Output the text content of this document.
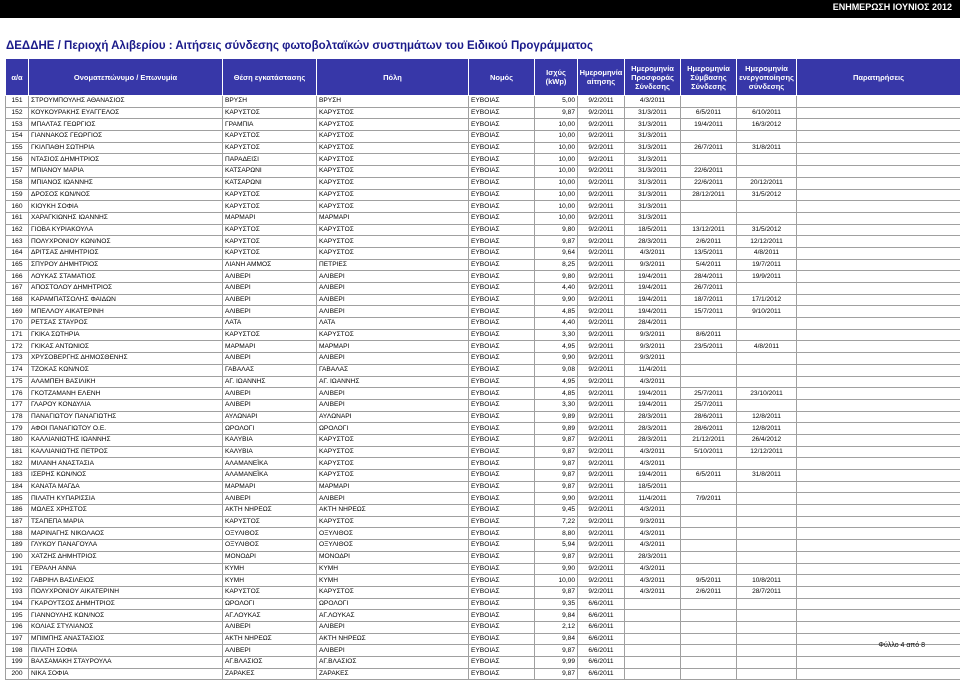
ΕΝΗΜΕΡΩΣΗ ΙΟΥΝΙΟΣ 2012
ΔΕΔΔΗΕ / Περιοχή Αλιβερίου : Αιτήσεις σύνδεσης φωτοβολταϊκών συστημάτων του Ειδικού Προγράμματος
α/α	Ονοματεπώνυμο / Επωνυμία	Θέση εγκατάστασης	Πόλη	Νομός	Ισχύς (kWp)	Ημερομηνία αίτησης	Ημερομηνία Προσφοράς Σύνδεσης	Ημερομηνία Σύμβασης Σύνδεσης	Ημερομηνία ενεργοποίησης σύνδεσης	Παρατηρήσεις
151	ΣΤΡΟΥΜΠΟΥΛΗΣ ΑΘΑΝΑΣΙΟΣ	ΒΡΥΣΗ	ΒΡΥΣΗ	ΕΥΒΟΙΑΣ	5,00	9/2/2011	4/3/2011			
152	ΚΟΥΚΟΥΡΑΚΗΣ ΕΥΑΓΓΕΛΟΣ	ΚΑΡΥΣΤΟΣ	ΚΑΡΥΣΤΟΣ	ΕΥΒΟΙΑΣ	9,87	9/2/2011	31/3/2011	6/5/2011	6/10/2011	
153	ΜΠΑΛΤΑΣ ΓΕΩΡΓΙΟΣ	ΓΡΑΜΠΙΑ	ΚΑΡΥΣΤΟΣ	ΕΥΒΟΙΑΣ	10,00	9/2/2011	31/3/2011	19/4/2011	16/3/2012	
154	ΓΙΑΝΝΑΚΟΣ ΓΕΩΡΓΙΟΣ	ΚΑΡΥΣΤΟΣ	ΚΑΡΥΣΤΟΣ	ΕΥΒΟΙΑΣ	10,00	9/2/2011	31/3/2011			
155	ΓΚΙΛΠΑΘΗ ΣΩΤΗΡΙΑ	ΚΑΡΥΣΤΟΣ	ΚΑΡΥΣΤΟΣ	ΕΥΒΟΙΑΣ	10,00	9/2/2011	31/3/2011	26/7/2011	31/8/2011	
156	ΝΤΑΣΙΟΣ ΔΗΜΗΤΡΙΟΣ	ΠΑΡΑΔΕΙΣΙ	ΚΑΡΥΣΤΟΣ	ΕΥΒΟΙΑΣ	10,00	9/2/2011	31/3/2011			
157	ΜΠΙΑΝΟΥ ΜΑΡΙΑ	ΚΑΤΣΑΡΩΝΙ	ΚΑΡΥΣΤΟΣ	ΕΥΒΟΙΑΣ	10,00	9/2/2011	31/3/2011	22/6/2011		
158	ΜΠΙΑΝΟΣ ΙΩΑΝΝΗΣ	ΚΑΤΣΑΡΩΝΙ	ΚΑΡΥΣΤΟΣ	ΕΥΒΟΙΑΣ	10,00	9/2/2011	31/3/2011	22/6/2011	20/12/2011	
159	ΔΡΟΣΟΣ ΚΩΝ/ΝΟΣ	ΚΑΡΥΣΤΟΣ	ΚΑΡΥΣΤΟΣ	ΕΥΒΟΙΑΣ	10,00	9/2/2011	31/3/2011	28/12/2011	31/5/2012	
160	ΚΙΟΥΚΗ ΣΟΦΙΑ	ΚΑΡΥΣΤΟΣ	ΚΑΡΥΣΤΟΣ	ΕΥΒΟΙΑΣ	10,00	9/2/2011	31/3/2011			
161	ΧΑΡΑΓΚΙΩΝΗΣ ΙΩΑΝΝΗΣ	ΜΑΡΜΑΡΙ	ΜΑΡΜΑΡΙ	ΕΥΒΟΙΑΣ	10,00	9/2/2011	31/3/2011			
162	ΓΙΟΒΑ ΚΥΡΙΑΚΟΥΛΑ	ΚΑΡΥΣΤΟΣ	ΚΑΡΥΣΤΟΣ	ΕΥΒΟΙΑΣ	9,80	9/2/2011	18/5/2011	13/12/2011	31/5/2012	
163	ΠΟΛΥΧΡΟΝΙΟΥ ΚΩΝ/ΝΟΣ	ΚΑΡΥΣΤΟΣ	ΚΑΡΥΣΤΟΣ	ΕΥΒΟΙΑΣ	9,87	9/2/2011	28/3/2011	2/6/2011	12/12/2011	
164	ΔΡΙΤΣΑΣ ΔΗΜΗΤΡΙΟΣ	ΚΑΡΥΣΤΟΣ	ΚΑΡΥΣΤΟΣ	ΕΥΒΟΙΑΣ	9,64	9/2/2011	4/3/2011	13/5/2011	4/8/2011	
165	ΣΠΥΡΟΥ ΔΗΜΗΤΡΙΟΣ	ΛΙΑΝΗ ΑΜΜΟΣ	ΠΕΤΡΙΕΣ	ΕΥΒΟΙΑΣ	8,25	9/2/2011	9/3/2011	5/4/2011	19/7/2011	
166	ΛΟΥΚΑΣ ΣΤΑΜΑΤΙΟΣ	ΑΛΙΒΕΡΙ	ΑΛΙΒΕΡΙ	ΕΥΒΟΙΑΣ	9,80	9/2/2011	19/4/2011	28/4/2011	19/9/2011	
167	ΑΠΟΣΤΟΛΟΥ ΔΗΜΗΤΡΙΟΣ	ΑΛΙΒΕΡΙ	ΑΛΙΒΕΡΙ	ΕΥΒΟΙΑΣ	4,40	9/2/2011	19/4/2011	26/7/2011		
168	ΚΑΡΑΜΠΑΤΣΟΛΗΣ ΦΑΙΔΩΝ	ΑΛΙΒΕΡΙ	ΑΛΙΒΕΡΙ	ΕΥΒΟΙΑΣ	9,90	9/2/2011	19/4/2011	18/7/2011	17/1/2012	
169	ΜΠΕΛΛΟΥ ΑΙΚΑΤΕΡΙΝΗ	ΑΛΙΒΕΡΙ	ΑΛΙΒΕΡΙ	ΕΥΒΟΙΑΣ	4,85	9/2/2011	19/4/2011	15/7/2011	9/10/2011	
170	ΡΕΤΣΑΣ ΣΤΑΥΡΟΣ	ΛΑΤΑ	ΛΑΤΑ	ΕΥΒΟΙΑΣ	4,40	9/2/2011	28/4/2011			
171	ΓΚΙΚΑ ΣΩΤΗΡΙΑ	ΚΑΡΥΣΤΟΣ	ΚΑΡΥΣΤΟΣ	ΕΥΒΟΙΑΣ	3,30	9/2/2011	9/3/2011	8/6/2011		
172	ΓΚΙΚΑΣ ΑΝΤΩΝΙΟΣ	ΜΑΡΜΑΡΙ	ΜΑΡΜΑΡΙ	ΕΥΒΟΙΑΣ	4,95	9/2/2011	9/3/2011	23/5/2011	4/8/2011	
173	ΧΡΥΣΟΒΕΡΓΗΣ ΔΗΜΟΣΘΕΝΗΣ	ΑΛΙΒΕΡΙ	ΑΛΙΒΕΡΙ	ΕΥΒΟΙΑΣ	9,90	9/2/2011	9/3/2011			
174	ΤΖΟΚΑΣ ΚΩΝ/ΝΟΣ	ΓΑΒΑΛΑΣ	ΓΑΒΑΛΑΣ	ΕΥΒΟΙΑΣ	9,08	9/2/2011	11/4/2011			
175	ΑΛΑΜΠΕΗ ΒΑΣΙΛΙΚΗ	ΑΓ. ΙΩΑΝΝΗΣ	ΑΓ. ΙΩΑΝΝΗΣ	ΕΥΒΟΙΑΣ	4,95	9/2/2011	4/3/2011			
176	ΓΚΟΤΖΑΜΑΝΗ ΕΛΕΝΗ	ΑΛΙΒΕΡΙ	ΑΛΙΒΕΡΙ	ΕΥΒΟΙΑΣ	4,85	9/2/2011	19/4/2011	25/7/2011	23/10/2011	
177	ΓΛΑΡΟΥ ΚΟΝΔΥΛΙΑ	ΑΛΙΒΕΡΙ	ΑΛΙΒΕΡΙ	ΕΥΒΟΙΑΣ	3,30	9/2/2011	19/4/2011	25/7/2011		
178	ΠΑΝΑΓΙΩΤΟΥ ΠΑΝΑΓΙΩΤΗΣ	ΑΥΛΩΝΑΡΙ	ΑΥΛΩΝΑΡΙ	ΕΥΒΟΙΑΣ	9,89	9/2/2011	28/3/2011	28/6/2011	12/8/2011	
179	ΑΦΟΙ ΠΑΝΑΓΙΩΤΟΥ Ο.Ε.	ΩΡΟΛΟΓΙ	ΩΡΟΛΟΓΙ	ΕΥΒΟΙΑΣ	9,89	9/2/2011	28/3/2011	28/6/2011	12/8/2011	
180	ΚΑΛΛΙΑΝΙΩΤΗΣ ΙΩΑΝΝΗΣ	ΚΑΛΥΒΙΑ	ΚΑΡΥΣΤΟΣ	ΕΥΒΟΙΑΣ	9,87	9/2/2011	28/3/2011	21/12/2011	26/4/2012	
181	ΚΑΛΛΙΑΝΙΩΤΗΣ ΠΕΤΡΟΣ	ΚΑΛΥΒΙΑ	ΚΑΡΥΣΤΟΣ	ΕΥΒΟΙΑΣ	9,87	9/2/2011	4/3/2011	5/10/2011	12/12/2011	
182	ΜΙΛΑΝΗ ΑΝΑΣΤΑΣΙΑ	ΑΛΑΜΑΝΕΪΚΑ	ΚΑΡΥΣΤΟΣ	ΕΥΒΟΙΑΣ	9,87	9/2/2011	4/3/2011			
183	ΙΣΕΡΗΣ ΚΩΝ/ΝΟΣ	ΑΛΑΜΑΝΕΪΚΑ	ΚΑΡΥΣΤΟΣ	ΕΥΒΟΙΑΣ	9,87	9/2/2011	19/4/2011	6/5/2011	31/8/2011	
184	ΚΑΝΑΤΑ ΜΑΓΔΑ	ΜΑΡΜΑΡΙ	ΜΑΡΜΑΡΙ	ΕΥΒΟΙΑΣ	9,87	9/2/2011	18/5/2011			
185	ΠΙΛΑΤΗ ΚΥΠΑΡΙΣΣΙΑ	ΑΛΙΒΕΡΙ	ΑΛΙΒΕΡΙ	ΕΥΒΟΙΑΣ	9,90	9/2/2011	11/4/2011	7/9/2011		
186	ΜΩΛΕΣ ΧΡΗΣΤΟΣ	ΑΚΤΗ ΝΗΡΕΩΣ	ΑΚΤΗ ΝΗΡΕΩΣ	ΕΥΒΟΙΑΣ	9,45	9/2/2011	4/3/2011			
187	ΤΣΑΠΕΠΑ ΜΑΡΙΑ	ΚΑΡΥΣΤΟΣ	ΚΑΡΥΣΤΟΣ	ΕΥΒΟΙΑΣ	7,22	9/2/2011	9/3/2011			
188	ΜΑΡΙΝΑΓΗΣ ΝΙΚΟΛΑΟΣ	ΟΞΥΛΙΘΟΣ	ΟΞΥΛΙΘΟΣ	ΕΥΒΟΙΑΣ	8,80	9/2/2011	4/3/2011			
189	ΓΛΥΚΟΥ ΠΑΝΑΓΟΥΛΑ	ΟΞΥΛΙΘΟΣ	ΟΞΥΛΙΘΟΣ	ΕΥΒΟΙΑΣ	5,94	9/2/2011	4/3/2011			
190	ΧΑΤΖΗΣ ΔΗΜΗΤΡΙΟΣ	ΜΟΝΟΔΡΙ	ΜΟΝΟΔΡΙ	ΕΥΒΟΙΑΣ	9,87	9/2/2011	28/3/2011			
191	ΓΕΡΑΛΗ ΑΝΝΑ	ΚΥΜΗ	ΚΥΜΗ	ΕΥΒΟΙΑΣ	9,90	9/2/2011	4/3/2011			
192	ΓΑΒΡΙΗΛ ΒΑΣΙΛΕΙΟΣ	ΚΥΜΗ	ΚΥΜΗ	ΕΥΒΟΙΑΣ	10,00	9/2/2011	4/3/2011	9/5/2011	10/8/2011	
193	ΠΟΛΥΧΡΟΝΙΟΥ ΑΙΚΑΤΕΡΙΝΗ	ΚΑΡΥΣΤΟΣ	ΚΑΡΥΣΤΟΣ	ΕΥΒΟΙΑΣ	9,87	9/2/2011	4/3/2011	2/6/2011	28/7/2011	
194	ΓΚΑΡΟΥΤΣΟΣ ΔΗΜΗΤΡΙΟΣ	ΩΡΟΛΟΓΙ	ΩΡΟΛΟΓΙ	ΕΥΒΟΙΑΣ	9,35	6/6/2011				
195	ΓΙΑΝΝΟΥΛΗΣ ΚΩΝ/ΝΟΣ	ΑΓ.ΛΟΥΚΑΣ	ΑΓ.ΛΟΥΚΑΣ	ΕΥΒΟΙΑΣ	9,84	6/6/2011				
196	ΚΟΛΙΑΣ ΣΤΥΛΙΑΝΟΣ	ΑΛΙΒΕΡΙ	ΑΛΙΒΕΡΙ	ΕΥΒΟΙΑΣ	2,12	6/6/2011				
197	ΜΠΙΜΠΗΣ ΑΝΑΣΤΑΣΙΟΣ	ΑΚΤΗ ΝΗΡΕΩΣ	ΑΚΤΗ ΝΗΡΕΩΣ	ΕΥΒΟΙΑΣ	9,84	6/6/2011				
198	ΠΙΛΑΤΗ ΣΟΦΙΑ	ΑΛΙΒΕΡΙ	ΑΛΙΒΕΡΙ	ΕΥΒΟΙΑΣ	9,87	6/6/2011				
199	ΒΑΛΣΑΜΑΚΗ ΣΤΑΥΡΟΥΛΑ	ΑΓ.ΒΛΑΣΙΟΣ	ΑΓ.ΒΛΑΣΙΟΣ	ΕΥΒΟΙΑΣ	9,99	6/6/2011				
200	ΝΙΚΑ ΣΟΦΙΑ	ΖΑΡΑΚΕΣ	ΖΑΡΑΚΕΣ	ΕΥΒΟΙΑΣ	9,87	6/6/2011				
Φύλλο 4 από 8
